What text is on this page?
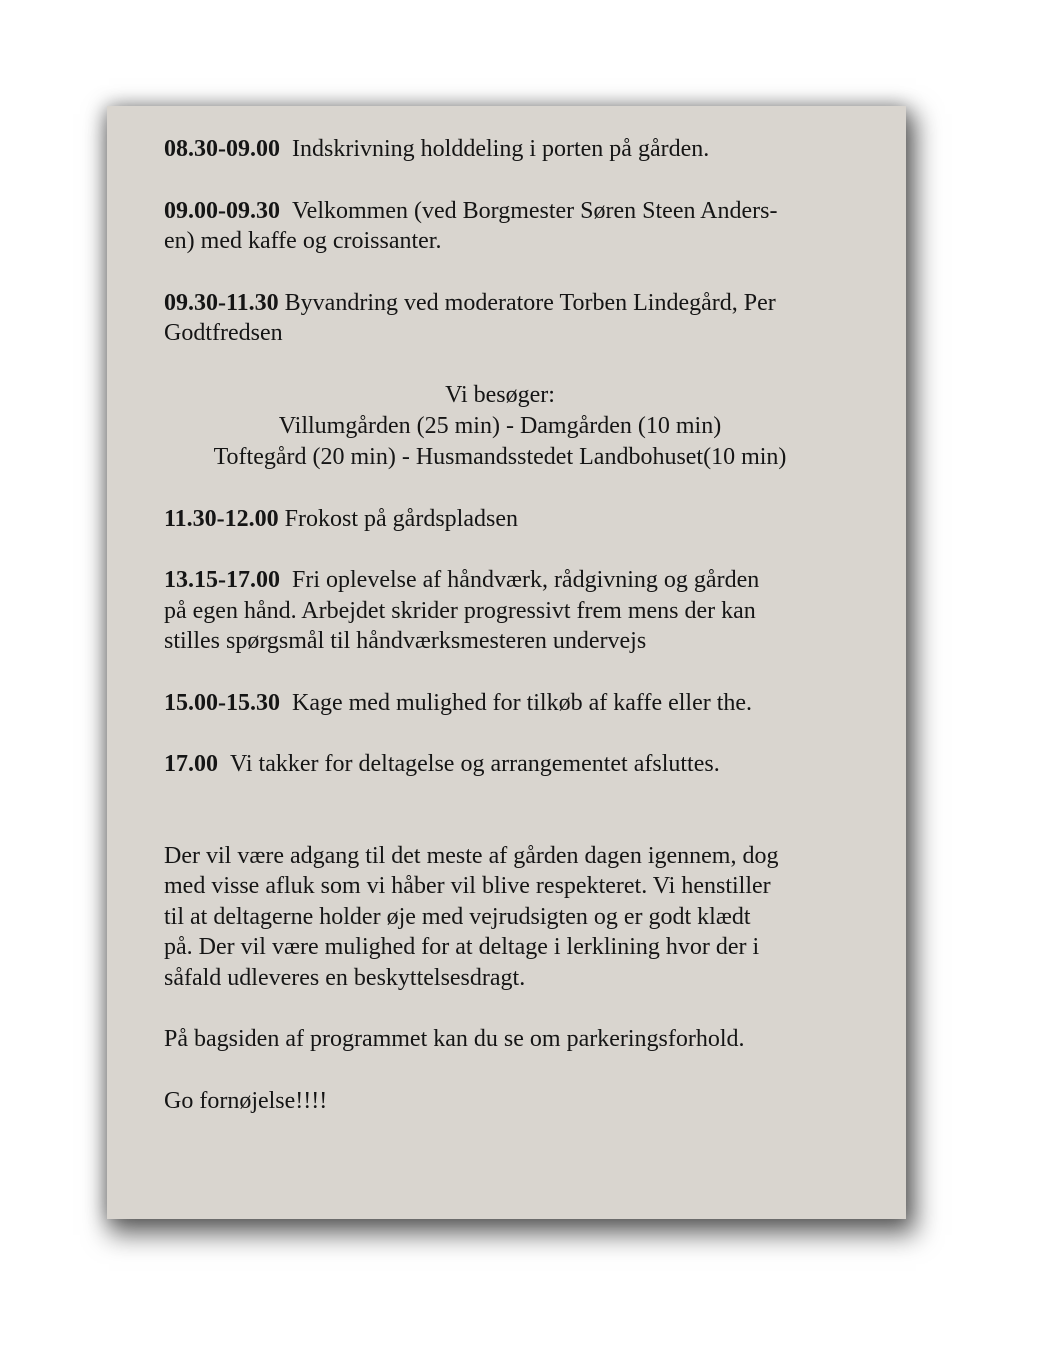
08.30-09.00 Indskrivning holddeling i porten på gården.
09.00-09.30 Velkommen (ved Borgmester Søren Steen Anders-
en) med kaffe og croissanter.
09.30-11.30 Byvandring ved moderatore Torben Lindegård, Per
Godtfredsen
Vi besøger:
Villumgården (25 min) - Damgården (10 min)
Toftegård (20 min) - Husmandsstedet Landbohuset(10 min)
11.30-12.00 Frokost på gårdspladsen
13.15-17.00 Fri oplevelse af håndværk, rådgivning og gården
på egen hånd. Arbejdet skrider progressivt frem mens der kan
stilles spørgsmål til håndværksmesteren undervejs
15.00-15.30 Kage med mulighed for tilkøb af kaffe eller the.
17.00 Vi takker for deltagelse og arrangementet afsluttes.
Der vil være adgang til det meste af gården dagen igennem, dog
med visse afluk som vi håber vil blive respekteret. Vi henstiller
til at deltagerne holder øje med vejrudsigten og er godt klædt
på. Der vil være mulighed for at deltage i lerklining hvor der i
såfald udleveres en beskyttelsesdragt.
På bagsiden af programmet kan du se om parkeringsforhold.
Go fornøjelse!!!!
